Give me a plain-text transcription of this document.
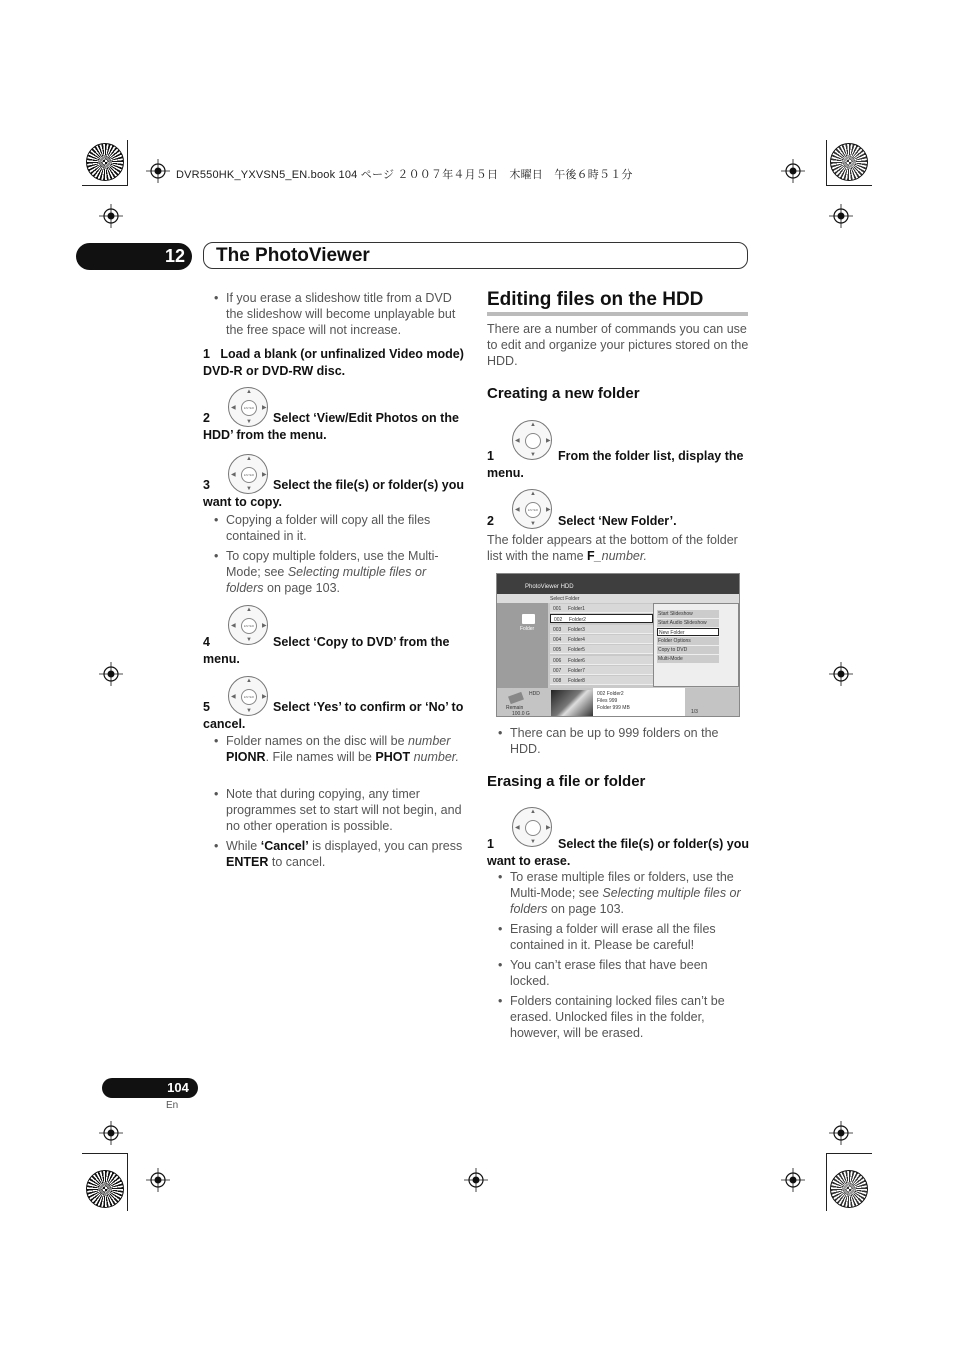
DVR550HK_YXVSN5_EN.book 104 ページ ２００７年４月５日　木曜日　午後６時５１分
12 The PhotoViewer
• If you erase a slideshow title from a DVD the slideshow will become unplayable but the free space will not increase.
1 Load a blank (or unfinalized Video mode) DVD-R or DVD-RW disc.
ENTER
▲
▼
◀	▶
2	Select ‘View/Edit Photos on the HDD’ from the menu.
ENTER
▲
▼
◀	▶
3	Select the file(s) or folder(s) you want to copy.
• Copying a folder will copy all the files contained in it.
• To copy multiple folders, use the Multi-Mode; see Selecting multiple files or folders on page 103.
ENTER
▲
▼
◀	▶
4	Select ‘Copy to DVD’ from the menu.
ENTER
▲
▼
◀	▶
5	Select ‘Yes’ to confirm or ‘No’ to cancel.
• Folder names on the disc will be number PIONR. File names will be PHOT number.
• Note that during copying, any timer programmes set to start will not begin, and no other operation is possible.
• While ‘Cancel’ is displayed, you can press ENTER to cancel.
Editing files on the HDD
There are a number of commands you can use to edit and organize your pictures stored on the HDD.
Creating a new folder
▲
▼
◀	▶
1	From the folder list, display the menu.
ENTER
▲
▼
◀	▶
2	Select ‘New Folder’.
The folder appears at the bottom of the folder list with the name F_number.
PhotoViewer HDD
Select Folder
Folder
001 Folder1
002 Folder2
003 Folder3
004 Folder4
005 Folder5
006 Folder6
007 Folder7
008 Folder8
Start Slideshow
Start Audio Slideshow
New Folder
Folder Options
Copy to DVD
Multi-Mode
HDD
Remain
100.0 G	1/3
002 Folder2
Files 999
Folder 999 MB
• There can be up to 999 folders on the HDD.
Erasing a file or folder
▲
▼
◀	▶
1	Select the file(s) or folder(s) you want to erase.
• To erase multiple files or folders, use the Multi-Mode; see Selecting multiple files or folders on page 103.
• Erasing a folder will erase all the files contained in it. Please be careful!
• You can’t erase files that have been locked.
• Folders containing locked files can’t be erased. Unlocked files in the folder, however, will be erased.
104
En
